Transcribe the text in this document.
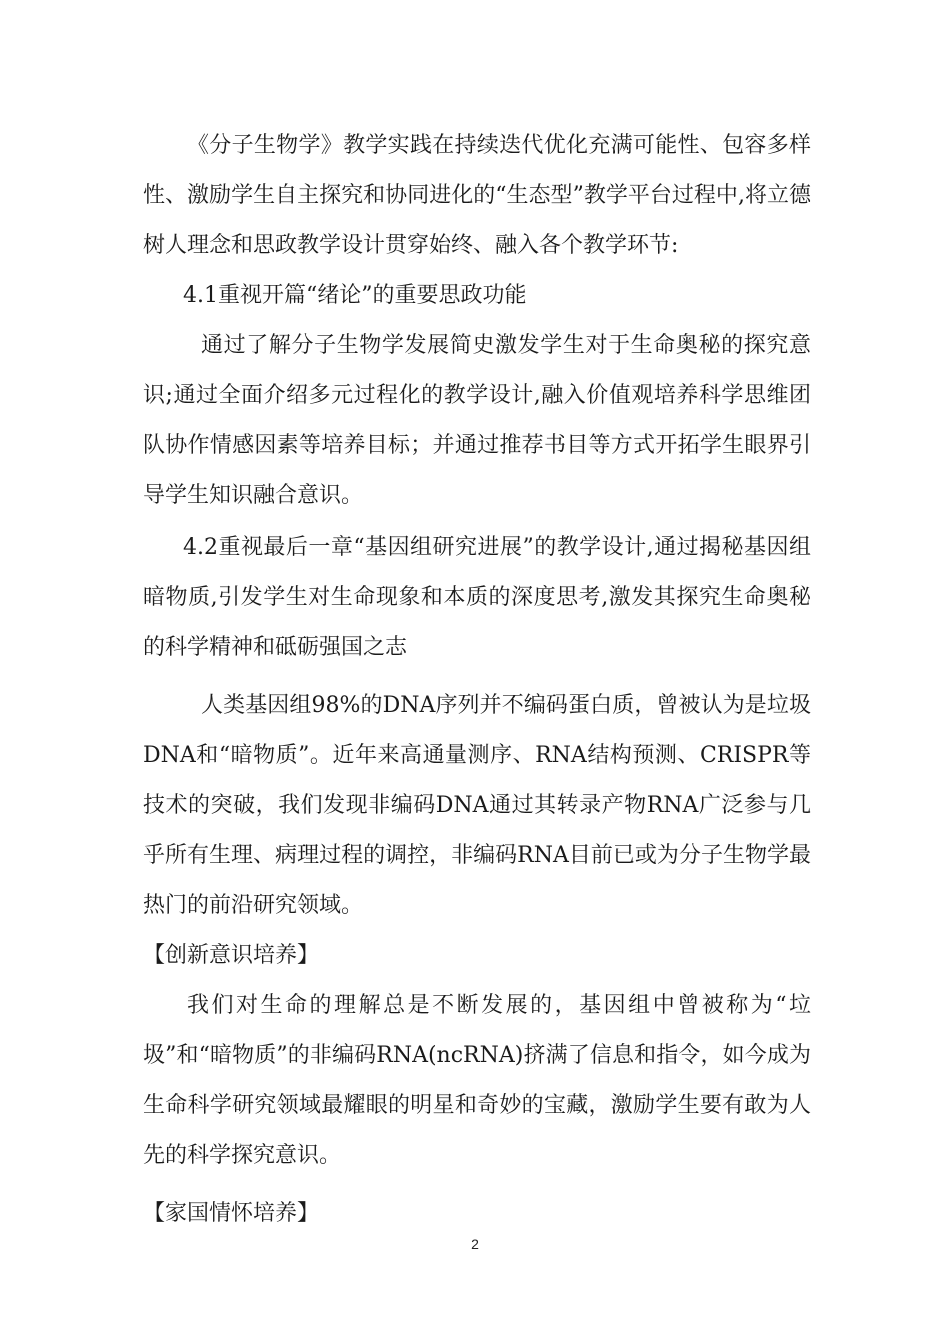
《分子生物学》教学实践在持续迭代优化充满可能性、包容多样性、激励学生自主探究和协同进化的“生态型”教学平台过程中,将立德树人理念和思政教学设计贯穿始终、融入各个教学环节:

4.1重视开篇“绪论”的重要思政功能

通过了解分子生物学发展简史激发学生对于生命奥秘的探究意识;通过全面介绍多元过程化的教学设计,融入价值观培养科学思维团队协作情感因素等培养目标；并通过推荐书目等方式开拓学生眼界引导学生知识融合意识。

4.2重视最后一章“基因组研究进展”的教学设计,通过揭秘基因组暗物质,引发学生对生命现象和本质的深度思考,激发其探究生命奥秘的科学精神和砥砺强国之志

人类基因组98%的DNA序列并不编码蛋白质，曾被认为是垃圾DNA和“暗物质”。近年来高通量测序、RNA结构预测、CRISPR等技术的突破，我们发现非编码DNA通过其转录产物RNA广泛参与几乎所有生理、病理过程的调控，非编码RNA目前已或为分子生物学最热门的前沿研究领域。

【创新意识培养】

我们对生命的理解总是不断发展的，基因组中曾被称为“垃圾”和“暗物质”的非编码RNA(ncRNA)挤满了信息和指令，如今成为生命科学研究领域最耀眼的明星和奇妙的宝藏，激励学生要有敢为人先的科学探究意识。

【家国情怀培养】

2
